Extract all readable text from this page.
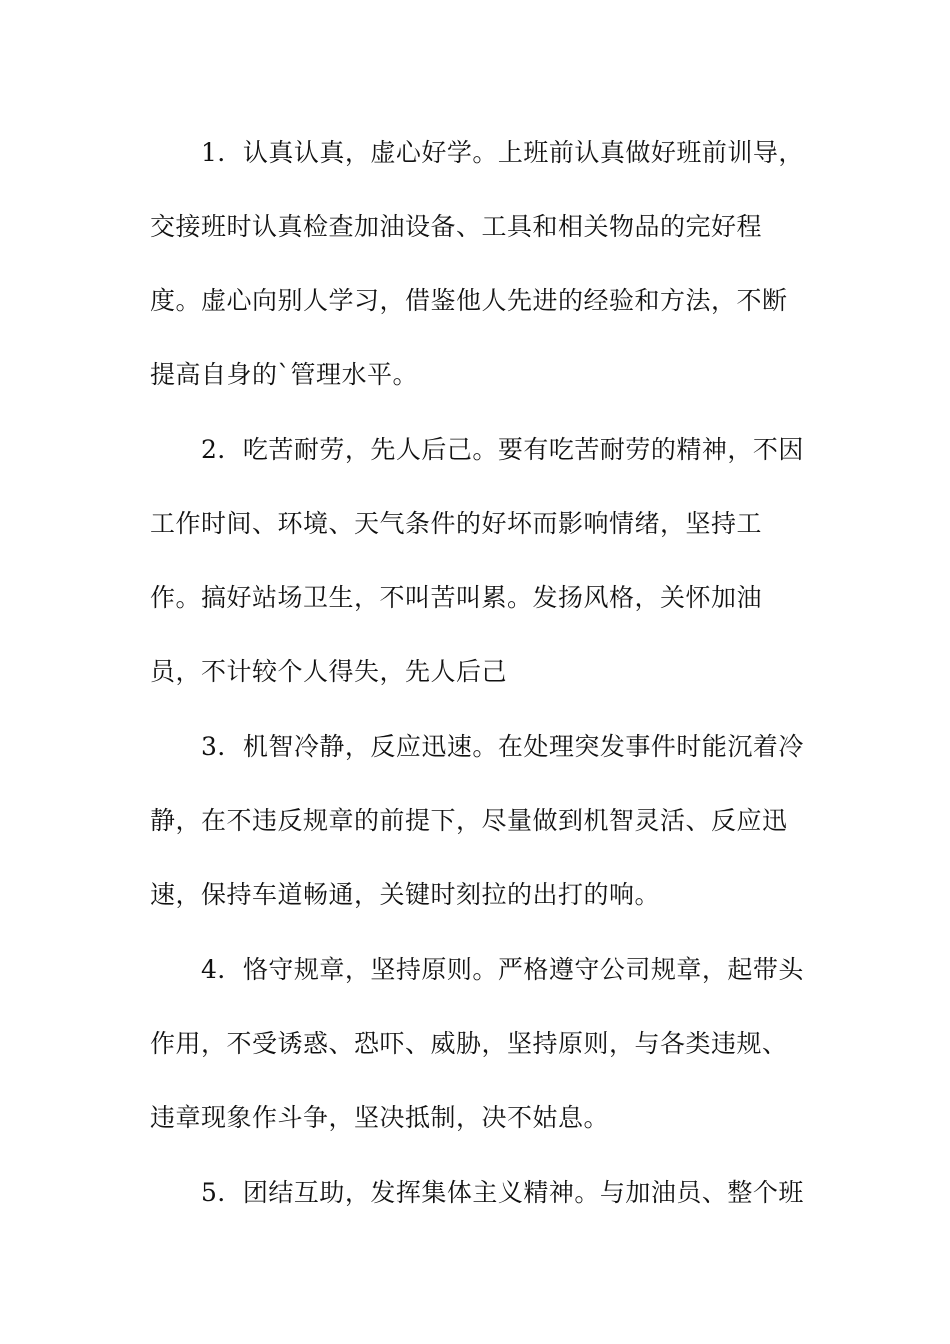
　　1．认真认真，虚心好学。上班前认真做好班前训导，
交接班时认真检查加油设备、工具和相关物品的完好程
度。虚心向别人学习，借鉴他人先进的经验和方法，不断
提高自身的`管理水平。
　　2．吃苦耐劳，先人后己。要有吃苦耐劳的精神，不因
工作时间、环境、天气条件的好坏而影响情绪，坚持工
作。搞好站场卫生，不叫苦叫累。发扬风格，关怀加油
员，不计较个人得失，先人后己
　　3．机智冷静，反应迅速。在处理突发事件时能沉着冷
静，在不违反规章的前提下，尽量做到机智灵活、反应迅
速，保持车道畅通，关键时刻拉的出打的响。
　　4．恪守规章，坚持原则。严格遵守公司规章，起带头
作用，不受诱惑、恐吓、威胁，坚持原则，与各类违规、
违章现象作斗争，坚决抵制，决不姑息。
　　5．团结互助，发挥集体主义精神。与加油员、整个班
